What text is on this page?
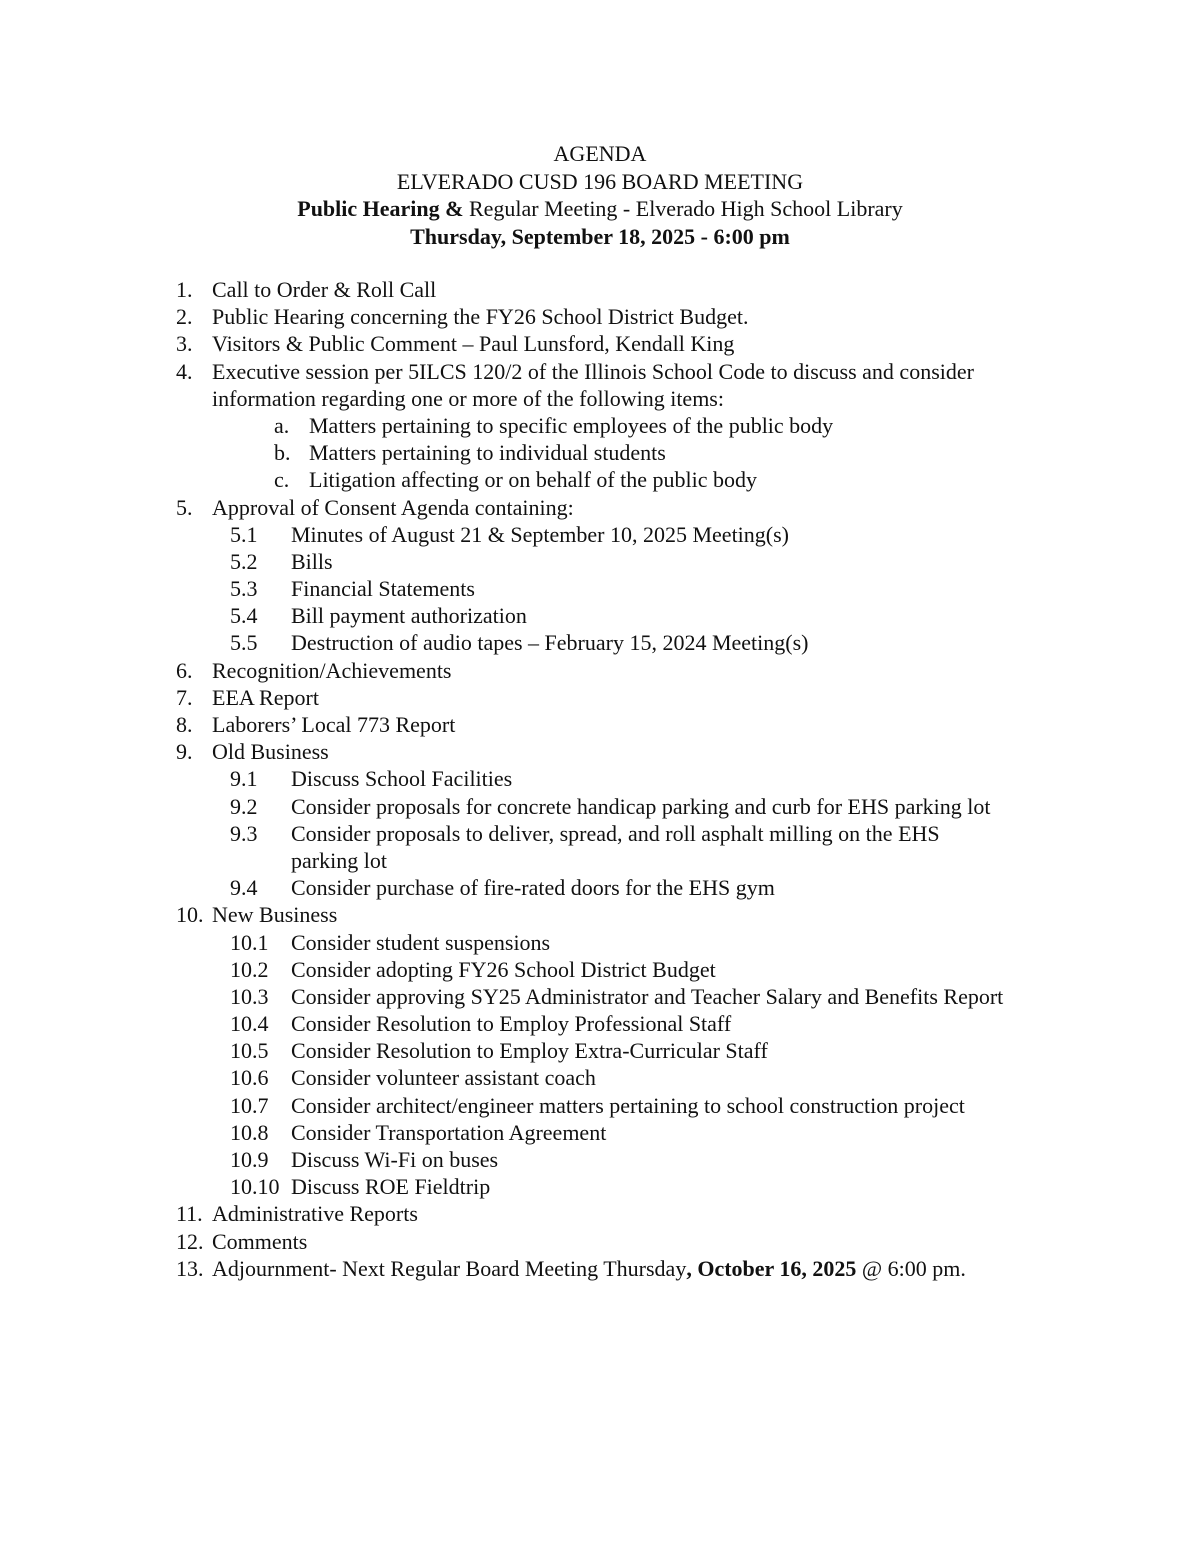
AGENDA
ELVERADO CUSD 196 BOARD MEETING
Public Hearing & Regular Meeting - Elverado High School Library
Thursday, September 18, 2025 - 6:00 pm
1. Call to Order & Roll Call
2. Public Hearing concerning the FY26 School District Budget.
3. Visitors & Public Comment – Paul Lunsford, Kendall King
4. Executive session per 5ILCS 120/2 of the Illinois School Code to discuss and consider
information regarding one or more of the following items:
a. Matters pertaining to specific employees of the public body
b. Matters pertaining to individual students
c. Litigation affecting or on behalf of the public body
5. Approval of Consent Agenda containing:
5.1 Minutes of August 21 & September 10, 2025 Meeting(s)
5.2 Bills
5.3 Financial Statements
5.4 Bill payment authorization
5.5 Destruction of audio tapes – February 15, 2024 Meeting(s)
6. Recognition/Achievements
7. EEA Report
8. Laborers’ Local 773 Report
9. Old Business
9.1 Discuss School Facilities
9.2 Consider proposals for concrete handicap parking and curb for EHS parking lot
9.3 Consider proposals to deliver, spread, and roll asphalt milling on the EHS
parking lot
9.4 Consider purchase of fire-rated doors for the EHS gym
10. New Business
10.1 Consider student suspensions
10.2 Consider adopting FY26 School District Budget
10.3 Consider approving SY25 Administrator and Teacher Salary and Benefits Report
10.4 Consider Resolution to Employ Professional Staff
10.5 Consider Resolution to Employ Extra-Curricular Staff
10.6 Consider volunteer assistant coach
10.7 Consider architect/engineer matters pertaining to school construction project
10.8 Consider Transportation Agreement
10.9 Discuss Wi-Fi on buses
10.10 Discuss ROE Fieldtrip
11. Administrative Reports
12. Comments
13. Adjournment- Next Regular Board Meeting Thursday, October 16, 2025 @ 6:00 pm.
